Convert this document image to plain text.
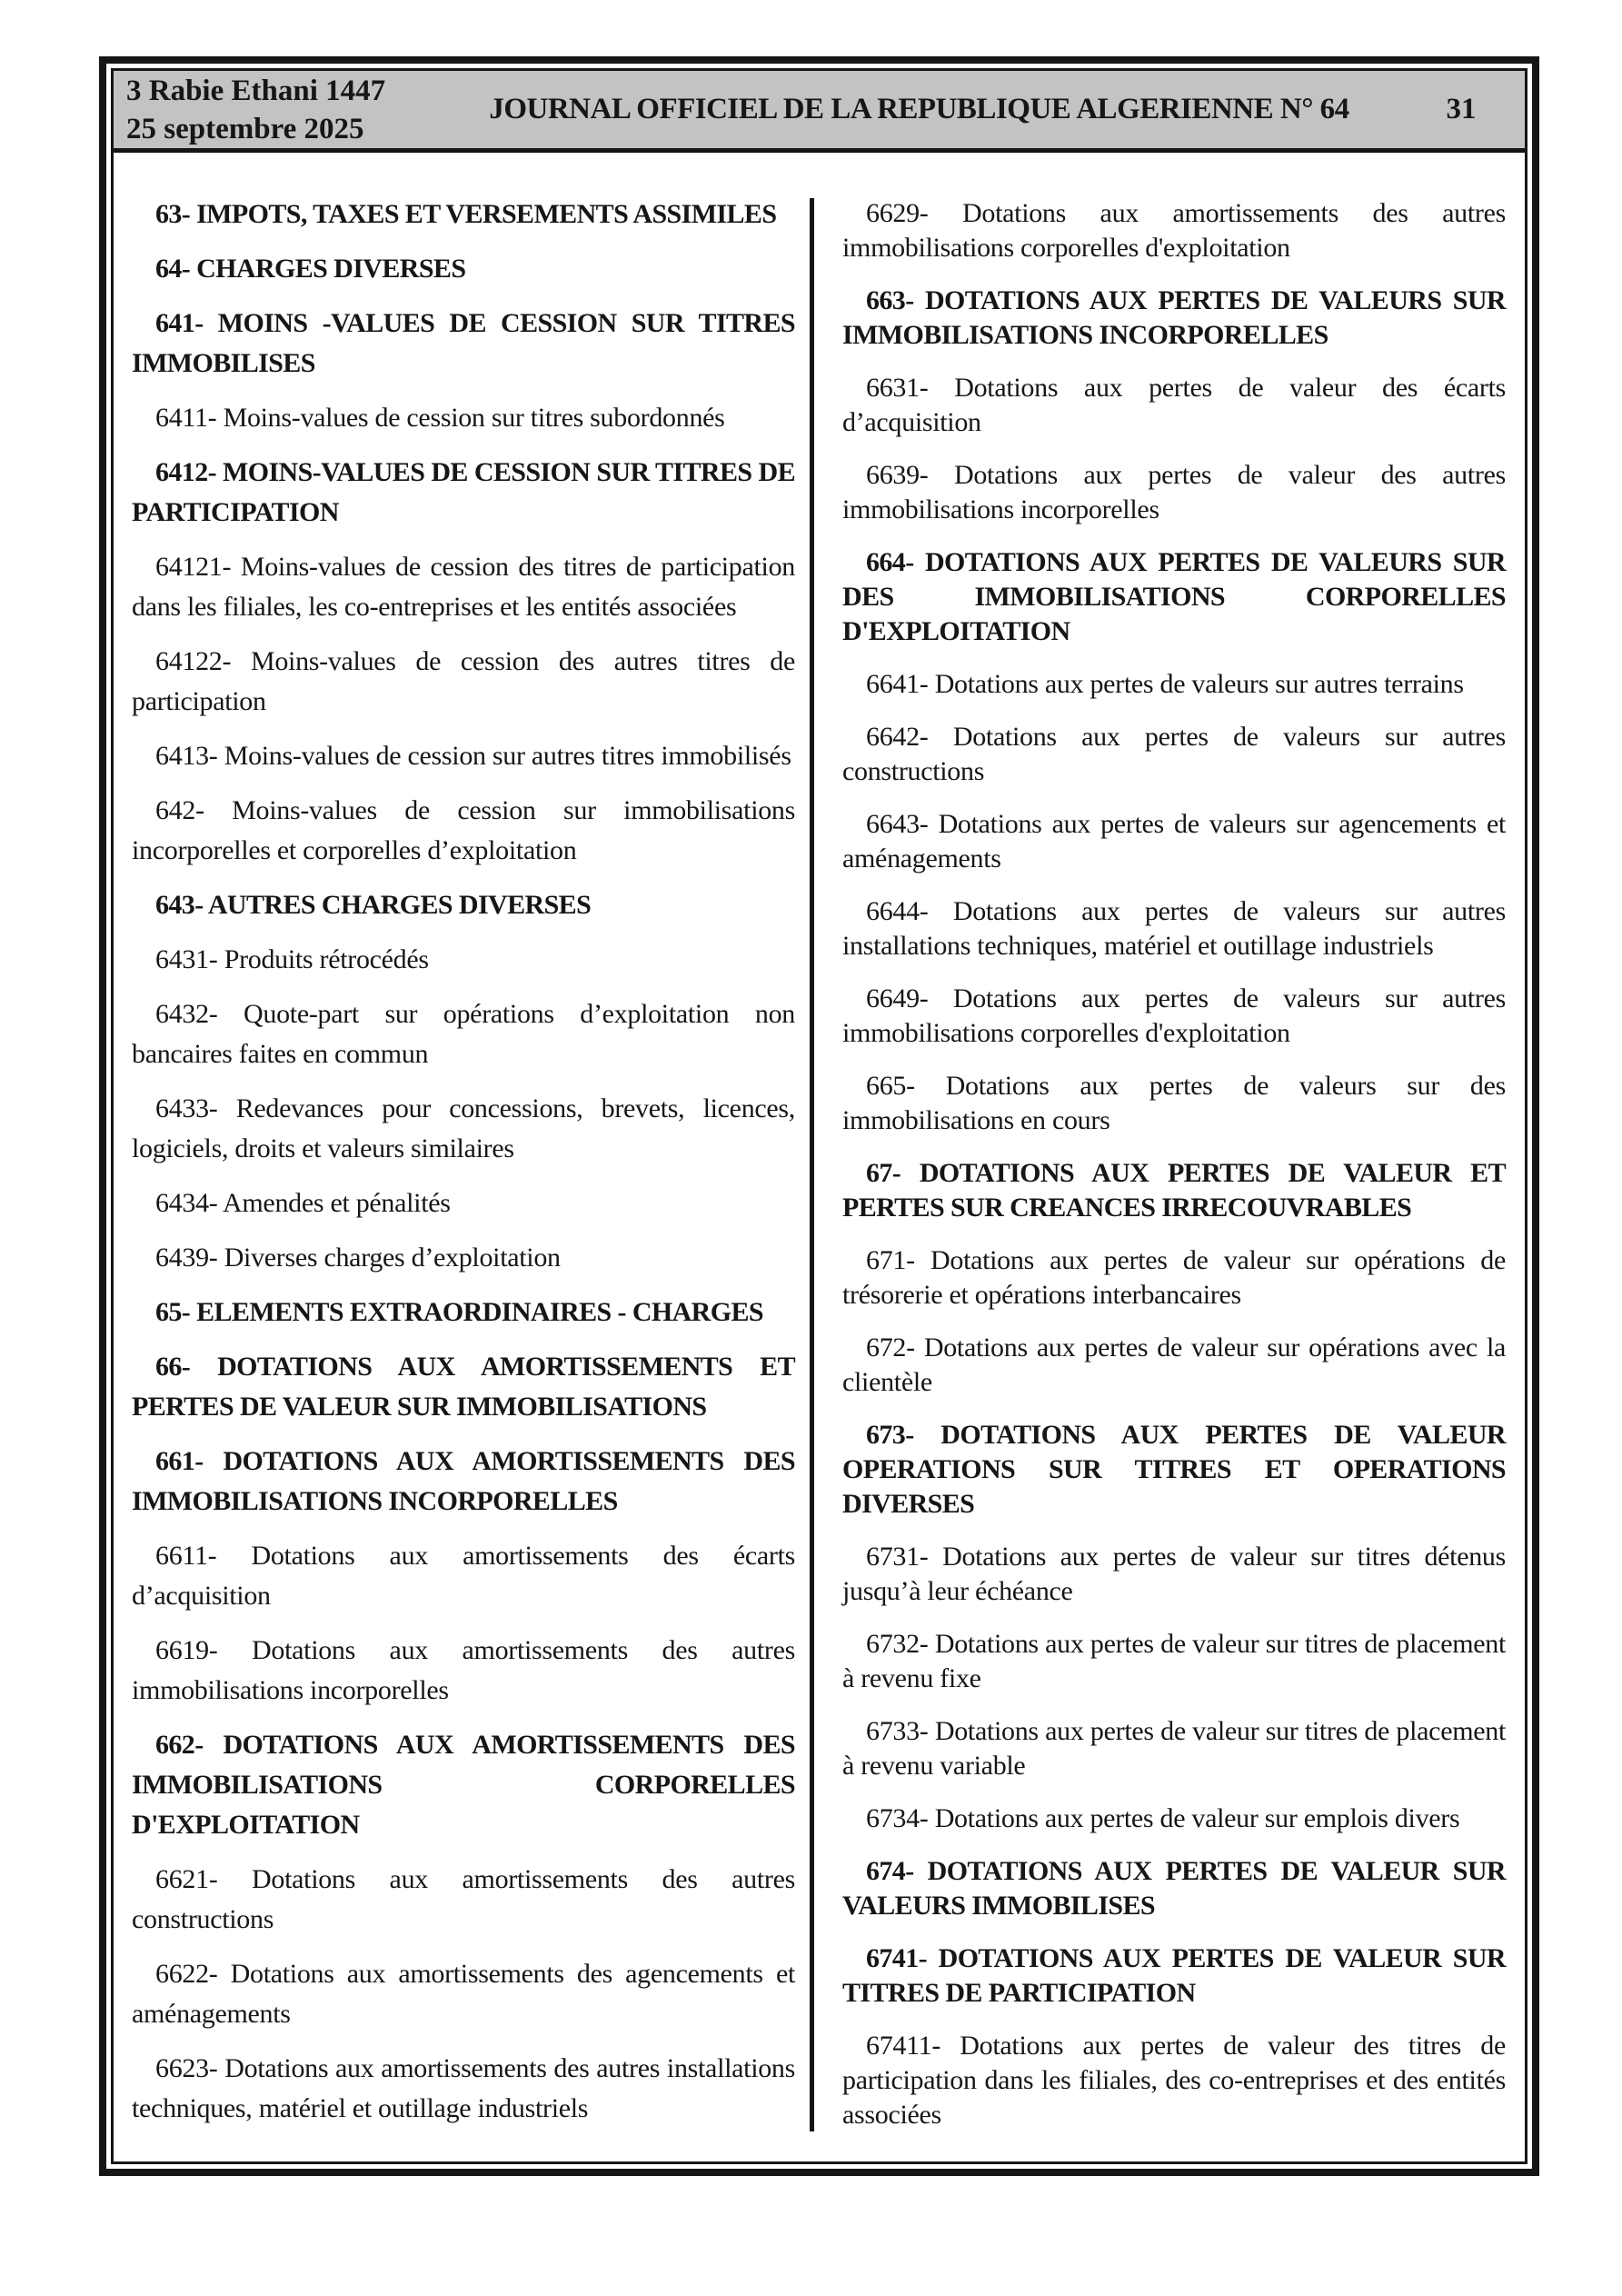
3 Rabie Ethani 1447
25 septembre 2025
JOURNAL OFFICIEL DE LA REPUBLIQUE ALGERIENNE N° 64	31

63- IMPOTS, TAXES ET VERSEMENTS ASSIMILES

64- CHARGES DIVERSES

641- MOINS -VALUES DE CESSION SUR TITRES IMMOBILISES

6411- Moins-values de cession sur titres subordonnés

6412- MOINS-VALUES DE CESSION SUR TITRES DE PARTICIPATION

64121- Moins-values de cession des titres de participation dans les filiales, les co-entreprises et les entités associées

64122- Moins-values de cession des autres titres de participation

6413- Moins-values de cession sur autres titres immobilisés

642- Moins-values de cession sur immobilisations incorporelles et corporelles d’exploitation

643- AUTRES CHARGES DIVERSES

6431- Produits rétrocédés

6432- Quote-part sur opérations d’exploitation non bancaires faites en commun

6433- Redevances pour concessions, brevets, licences, logiciels, droits et valeurs similaires

6434- Amendes et pénalités

6439- Diverses charges d’exploitation

65- ELEMENTS EXTRAORDINAIRES - CHARGES

66- DOTATIONS AUX AMORTISSEMENTS ET PERTES DE VALEUR SUR IMMOBILISATIONS

661- DOTATIONS AUX AMORTISSEMENTS DES IMMOBILISATIONS INCORPORELLES

6611- Dotations aux amortissements des écarts d’acquisition

6619- Dotations aux amortissements des autres immobilisations incorporelles

662- DOTATIONS AUX AMORTISSEMENTS DES IMMOBILISATIONS CORPORELLES D'EXPLOITATION

6621- Dotations aux amortissements des autres constructions

6622- Dotations aux amortissements des agencements et aménagements

6623- Dotations aux amortissements des autres installations techniques, matériel et outillage industriels

6629- Dotations aux amortissements des autres immobilisations corporelles d'exploitation

663- DOTATIONS AUX PERTES DE VALEURS SUR IMMOBILISATIONS INCORPORELLES

6631- Dotations aux pertes de valeur des écarts d’acquisition

6639- Dotations aux pertes de valeur des autres immobilisations incorporelles

664- DOTATIONS AUX PERTES DE VALEURS SUR DES IMMOBILISATIONS CORPORELLES D'EXPLOITATION

6641- Dotations aux pertes de valeurs sur autres terrains

6642- Dotations aux pertes de valeurs sur autres constructions

6643- Dotations aux pertes de valeurs sur agencements et aménagements

6644- Dotations aux pertes de valeurs sur autres installations techniques, matériel et outillage industriels

6649- Dotations aux pertes de valeurs sur autres immobilisations corporelles d'exploitation

665- Dotations aux pertes de valeurs sur des immobilisations en cours

67- DOTATIONS AUX PERTES DE VALEUR ET PERTES SUR CREANCES IRRECOUVRABLES

671- Dotations aux pertes de valeur sur opérations de trésorerie et opérations interbancaires

672- Dotations aux pertes de valeur sur opérations avec la clientèle

673- DOTATIONS AUX PERTES DE VALEUR OPERATIONS SUR TITRES ET OPERATIONS DIVERSES

6731- Dotations aux pertes de valeur sur titres détenus jusqu’à leur échéance

6732- Dotations aux pertes de valeur sur titres de placement à revenu fixe

6733- Dotations aux pertes de valeur sur titres de placement à revenu variable

6734- Dotations aux pertes de valeur sur emplois divers

674- DOTATIONS AUX PERTES DE VALEUR SUR VALEURS IMMOBILISES

6741- DOTATIONS AUX PERTES DE VALEUR SUR TITRES DE PARTICIPATION

67411- Dotations aux pertes de valeur des titres de participation dans les filiales, des co-entreprises et des entités associées
